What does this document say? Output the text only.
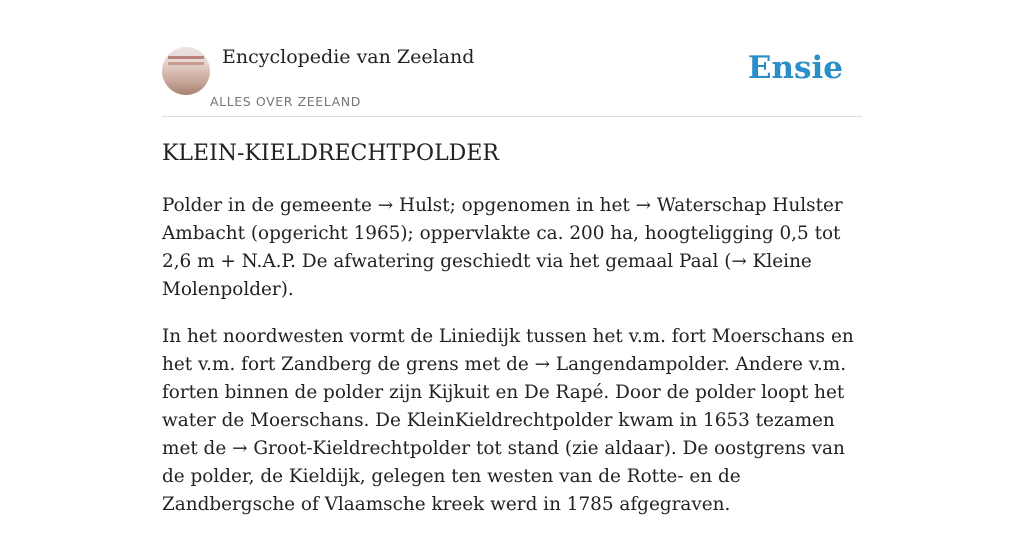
Encyclopedie van Zeeland
ALLES OVER ZEELAND
Ensie
KLEIN-KIELDRECHTPOLDER

Polder in de gemeente → Hulst; opgenomen in het → Waterschap Hulster Ambacht (opgericht 1965); oppervlakte ca. 200 ha, hoogteligging 0,5 tot 2,6 m + N.A.P. De afwatering geschiedt via het gemaal Paal (→ Kleine Molenpolder).

In het noordwesten vormt de Liniedijk tussen het v.m. fort Moerschans en het v.m. fort Zandberg de grens met de → Langendampolder. Andere v.m. forten binnen de polder zijn Kijkuit en De Rapé. Door de polder loopt het water de Moerschans. De KleinKieldrechtpolder kwam in 1653 tezamen met de → Groot-Kieldrechtpolder tot stand (zie aldaar). De oostgrens van de polder, de Kieldijk, gelegen ten westen van de Rotte- en de Zandbergsche of Vlaamsche kreek werd in 1785 afgegraven.
